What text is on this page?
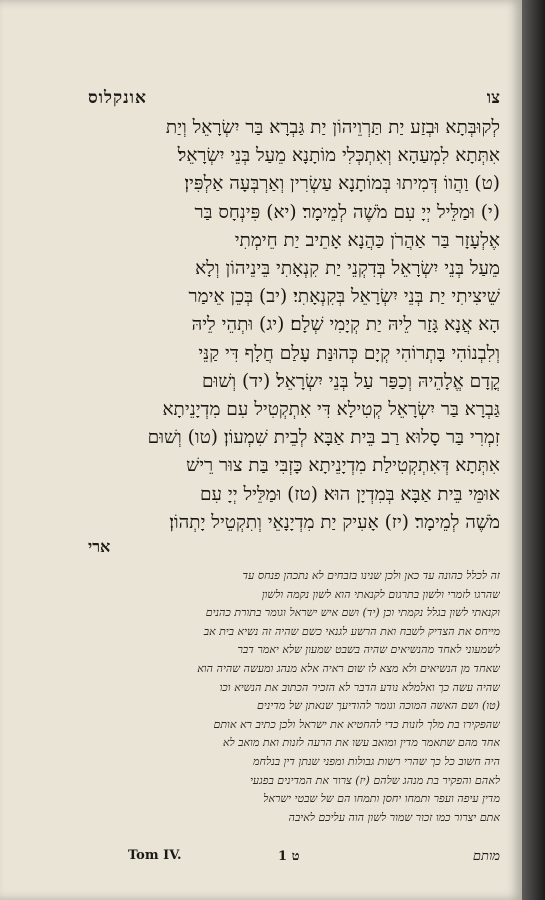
צו
אונקלוס
לְקוּבְּתָא וּבְזַע יַת תַּרְוֵיהוֹן יַת גַּבְרָא בַּר יִשְׂרָאֵל וְיַת
אִתְּתָא לִמְעַהָא וְאִתְכְּלִי מוֹתָנָא מֵעַל בְּנֵי יִשְׂרָאֵל׃
(ט) וַהֲווֹ דְּמִיתוּ בְּמוֹתָנָא עַשְׂרִין וְאַרְבְּעָה אַלְפִּין׃
(י) וּמַלֵּיל יְיָ עִם מֹשֶׁה לְמֵימָר׃ (יא) פִּינְחָס בַּר
אֶלְעָזָר בַּר אַהֲרֹן כַּהֲנָא אָתֵיב יַת חֵימְתִי
מֵעַל בְּנֵי יִשְׂרָאֵל בְּדִקְנֵי יַת קִנְאָתִי בֵּינֵיהוֹן וְלָא
שֵׁיצִיתִי יַת בְּנֵי יִשְׂרָאֵל בְּקִנְאָתִי׃ (יב) בְּכֵן אֵימַר
הָא אֲנָא גָּזַר לֵיהּ יַת קְיָמִי שְׁלָם׃ (יג) וּתְהֵי לֵיהּ
וְלִבְנוֹהִי בָּתְרוֹהִי קְיָם כְּהוּנַּת עָלַם חֲלָף דִּי קַנֵּי
קֳדָם אֱלָהֵיהּ וְכַפַּר עַל בְּנֵי יִשְׂרָאֵל׃ (יד) וְשׁוּם
גַּבְרָא בַּר יִשְׂרָאֵל קְטִילָא דִּי אִתְקְטִיל עִם מִדְיָנֵיתָא
זִמְרִי בַּר סָלוּא רַב בֵּית אַבָּא לְבֵית שִׁמְעוֹן׃ (טו) וְשׁוּם
אִתְּתָא דְּאִתְקְטִילַת מִדְיָנֵיתָא כָּזְבִּי בַּת צוּר רֵישׁ
אוּמֵּי בֵּית אַבָּא בְּמִדְיָן הוּא׃ (טז) וּמַלֵּיל יְיָ עִם
מֹשֶׁה לְמֵימָר׃ (יז) אָעִיק יַת מִדְיָנָאֵי וְתִקְטֵיל יָתְהוֹן׃
ארי
זה לכלל כהונה עד כאן ולכן שנינו בזבחים לא נתכהן פנחס עד
שהרגו לזמרי ולשון בתרגום לקנאתי הוא לשון נקמה ולשון
וקנאתי לשון בגלל נקמתי וכן (יד) ושם איש ישראל וגומר בתורת כהנים
מייחס את הצדיק לשבח ואת הרשע לגנאי כשם שהיה זה נשיא בית אב
לשמעוני לאחד מהנשיאים שהיה בשבט שמעון שלא יאמר דבר
שאחד מן הנשיאים ולא מצא לו שום ראיה אלא מנהג ומעשה שהיה הוא
שהיה עשה כך ואלמלא נודע הדבר לא הזכיר הכתוב את הנשיא וכו
(טו) ושם האשה המוכה וגומר להודיעך שנאתן של מדינים
שהפקירו בת מלך לזנות כדי להחטיא את ישראל ולכן כתיב רא אותם
אחד מהם שתאמר מדין ומואב עשו את הרעה לזנות ואת מואב לא
היה חשוב כל כך שהרי רשות גבולות ומפני שנתן דין בנלחמ
לאהם והפקיר בת מנהג שלהם (יז) צרור את המדינים בפגעי
מדין עיפה ועפר ותמחו יחסן ותמחו הם של שבטי ישראל
אתם יצרור כמו זכור שמור לשון הוה עליכם לאיבה
Tom IV.	ט 1	מותם
